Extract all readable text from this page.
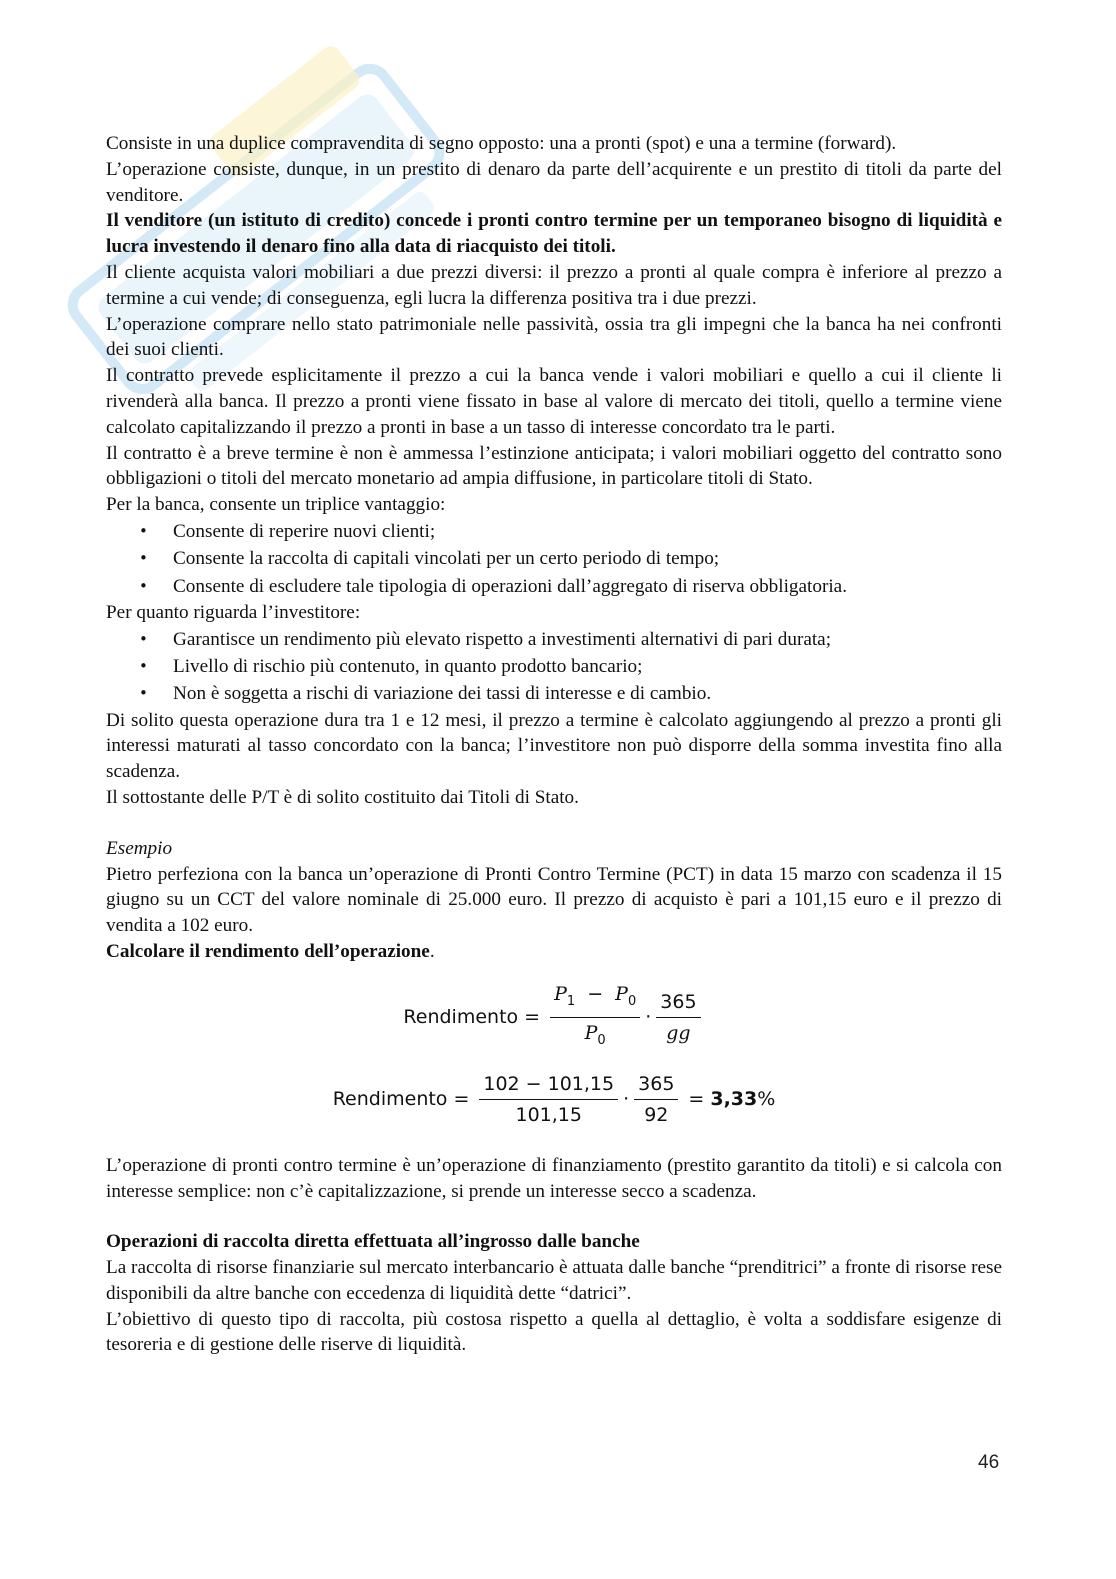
Consiste in una duplice compravendita di segno opposto: una a pronti (spot) e una a termine (forward).

L’operazione consiste, dunque, in un prestito di denaro da parte dell’acquirente e un prestito di titoli da parte del venditore.

Il venditore (un istituto di credito) concede i pronti contro termine per un temporaneo bisogno di liquidità e lucra investendo il denaro fino alla data di riacquisto dei titoli.

Il cliente acquista valori mobiliari a due prezzi diversi: il prezzo a pronti al quale compra è inferiore al prezzo a termine a cui vende; di conseguenza, egli lucra la differenza positiva tra i due prezzi.

L’operazione comprare nello stato patrimoniale nelle passività, ossia tra gli impegni che la banca ha nei confronti dei suoi clienti.

Il contratto prevede esplicitamente il prezzo a cui la banca vende i valori mobiliari e quello a cui il cliente li rivenderà alla banca. Il prezzo a pronti viene fissato in base al valore di mercato dei titoli, quello a termine viene calcolato capitalizzando il prezzo a pronti in base a un tasso di interesse concordato tra le parti.

Il contratto è a breve termine è non è ammessa l’estinzione anticipata; i valori mobiliari oggetto del contratto sono obbligazioni o titoli del mercato monetario ad ampia diffusione, in particolare titoli di Stato.

Per la banca, consente un triplice vantaggio:

• Consente di reperire nuovi clienti;
• Consente la raccolta di capitali vincolati per un certo periodo di tempo;
• Consente di escludere tale tipologia di operazioni dall’aggregato di riserva obbligatoria.

Per quanto riguarda l’investitore:

• Garantisce un rendimento più elevato rispetto a investimenti alternativi di pari durata;
• Livello di rischio più contenuto, in quanto prodotto bancario;
• Non è soggetta a rischi di variazione dei tassi di interesse e di cambio.

Di solito questa operazione dura tra 1 e 12 mesi, il prezzo a termine è calcolato aggiungendo al prezzo a pronti gli interessi maturati al tasso concordato con la banca; l’investitore non può disporre della somma investita fino alla scadenza.

Il sottostante delle P/T è di solito costituito dai Titoli di Stato.

Esempio

Pietro perfeziona con la banca un’operazione di Pronti Contro Termine (PCT) in data 15 marzo con scadenza il 15 giugno su un CCT del valore nominale di 25.000 euro. Il prezzo di acquisto è pari a 101,15 euro e il prezzo di vendita a 102 euro.

Calcolare il rendimento dell’operazione.

Rendimento = $\frac{P_1 - P_0}{P_0} \cdot \frac{365}{gg}$
Rendimento = $\frac{102 - 101,15}{101,15} \cdot \frac{365}{92} = 3,33$ %

L’operazione di pronti contro termine è un’operazione di finanziamento (prestito garantito da titoli) e si calcola con interesse semplice: non c’è capitalizzazione, si prende un interesse secco a scadenza.

Operazioni di raccolta diretta effettuata all’ingrosso dalle banche

La raccolta di risorse finanziarie sul mercato interbancario è attuata dalle banche “prenditrici” a fronte di risorse rese disponibili da altre banche con eccedenza di liquidità dette “datrici”.

L’obiettivo di questo tipo di raccolta, più costosa rispetto a quella al dettaglio, è volta a soddisfare esigenze di tesoreria e di gestione delle riserve di liquidità.

46
